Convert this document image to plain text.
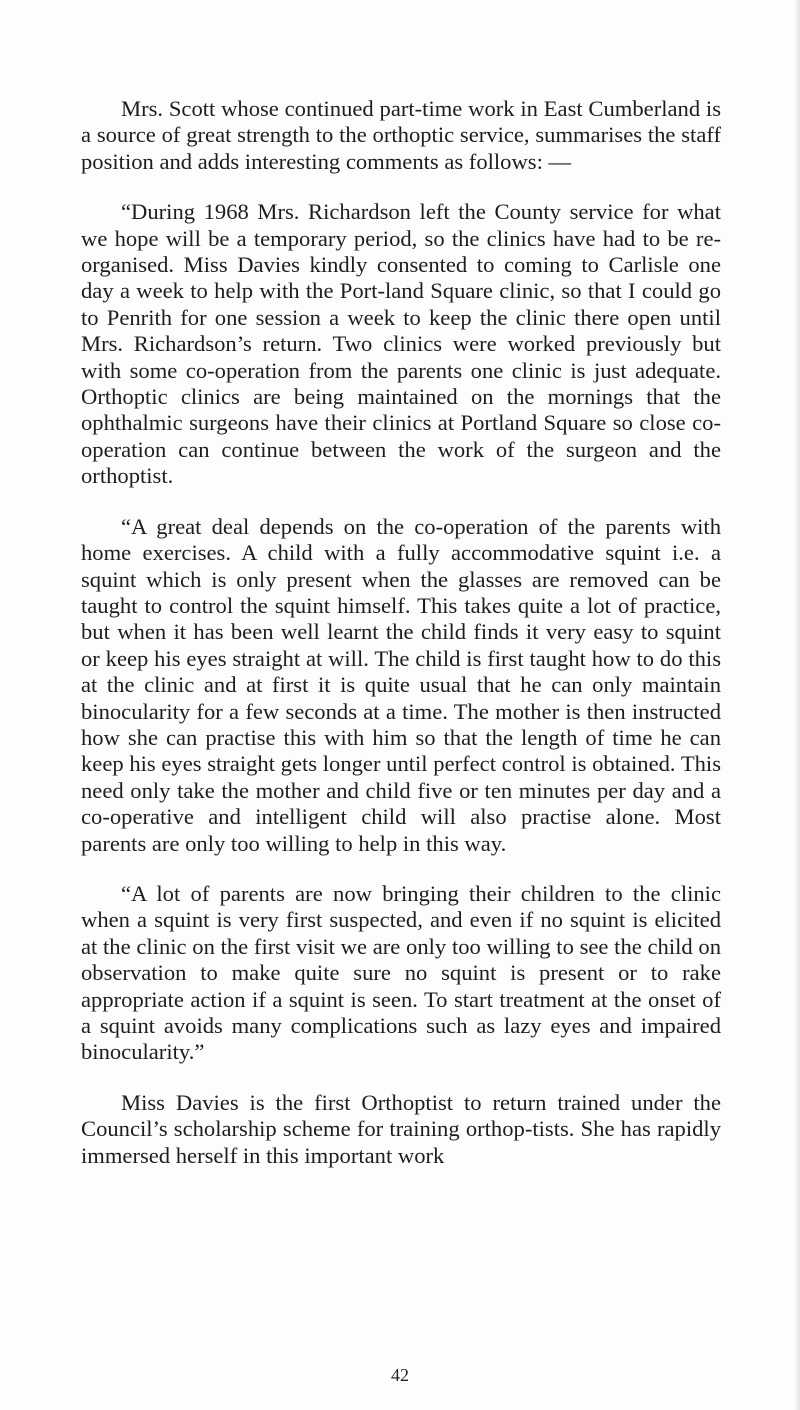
Mrs. Scott whose continued part-time work in East Cumberland is a source of great strength to the orthoptic service, summarises the staff position and adds interesting comments as follows: —

“During 1968 Mrs. Richardson left the County service for what we hope will be a temporary period, so the clinics have had to be re-organised. Miss Davies kindly consented to coming to Carlisle one day a week to help with the Port-land Square clinic, so that I could go to Penrith for one session a week to keep the clinic there open until Mrs. Richardson’s return. Two clinics were worked previously but with some co-operation from the parents one clinic is just adequate. Orthoptic clinics are being maintained on the mornings that the ophthalmic surgeons have their clinics at Portland Square so close co-operation can continue between the work of the surgeon and the orthoptist.

“A great deal depends on the co-operation of the parents with home exercises. A child with a fully accommodative squint i.e. a squint which is only present when the glasses are removed can be taught to control the squint himself. This takes quite a lot of practice, but when it has been well learnt the child finds it very easy to squint or keep his eyes straight at will. The child is first taught how to do this at the clinic and at first it is quite usual that he can only maintain binocularity for a few seconds at a time. The mother is then instructed how she can practise this with him so that the length of time he can keep his eyes straight gets longer until perfect control is obtained. This need only take the mother and child five or ten minutes per day and a co-operative and intelligent child will also practise alone. Most parents are only too willing to help in this way.

“A lot of parents are now bringing their children to the clinic when a squint is very first suspected, and even if no squint is elicited at the clinic on the first visit we are only too willing to see the child on observation to make quite sure no squint is present or to rake appropriate action if a squint is seen. To start treatment at the onset of a squint avoids many complications such as lazy eyes and impaired binocularity.”

Miss Davies is the first Orthoptist to return trained under the Council’s scholarship scheme for training orthop-tists. She has rapidly immersed herself in this important work

42
